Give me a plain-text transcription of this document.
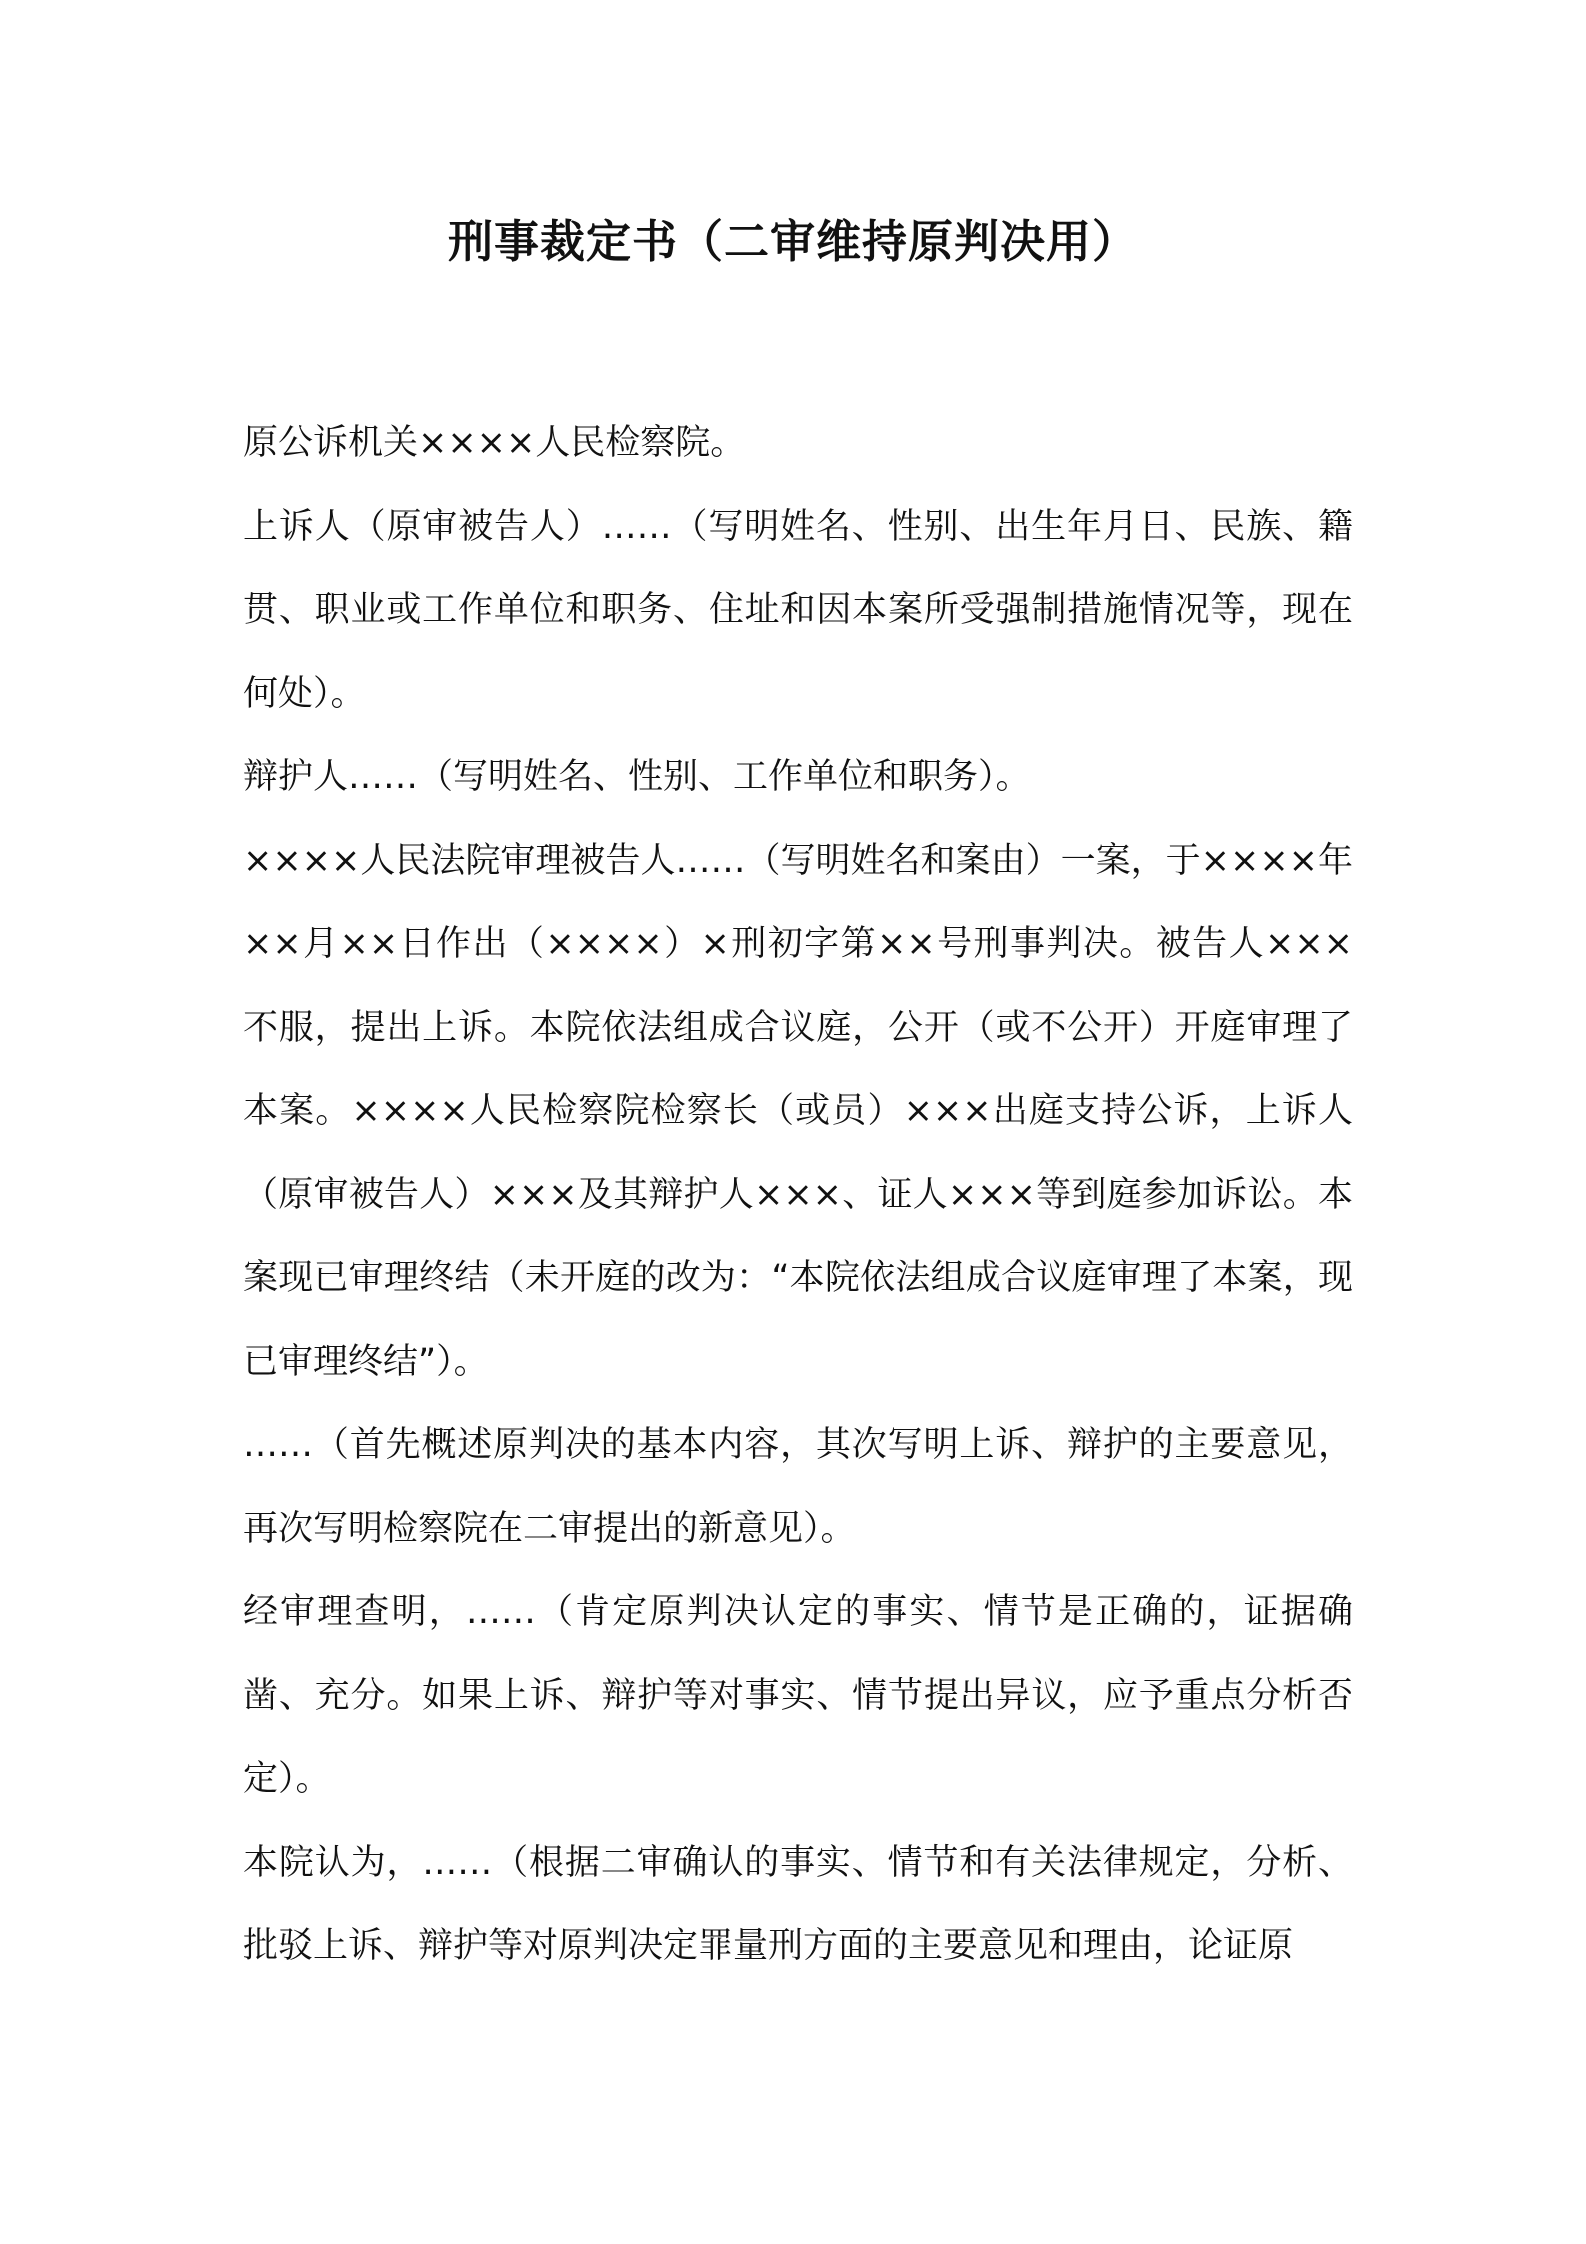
刑事裁定书（二审维持原判决用）

原公诉机关××××人民检察院。

上诉人（原审被告人）……（写明姓名、性别、出生年月日、民族、籍贯、职业或工作单位和职务、住址和因本案所受强制措施情况等，现在何处）。

辩护人……（写明姓名、性别、工作单位和职务）。

××××人民法院审理被告人……（写明姓名和案由）一案，于××××年××月××日作出（××××）×刑初字第××号刑事判决。被告人×××不服，提出上诉。本院依法组成合议庭，公开（或不公开）开庭审理了本案。××××人民检察院检察长（或员）×××出庭支持公诉，上诉人（原审被告人）×××及其辩护人×××、证人×××等到庭参加诉讼。本案现已审理终结（未开庭的改为：“本院依法组成合议庭审理了本案，现已审理终结”）。

……（首先概述原判决的基本内容，其次写明上诉、辩护的主要意见，再次写明检察院在二审提出的新意见）。

经审理查明，……（肯定原判决认定的事实、情节是正确的，证据确凿、充分。如果上诉、辩护等对事实、情节提出异议，应予重点分析否定）。

本院认为，……（根据二审确认的事实、情节和有关法律规定，分析、批驳上诉、辩护等对原判决定罪量刑方面的主要意见和理由，论证原
